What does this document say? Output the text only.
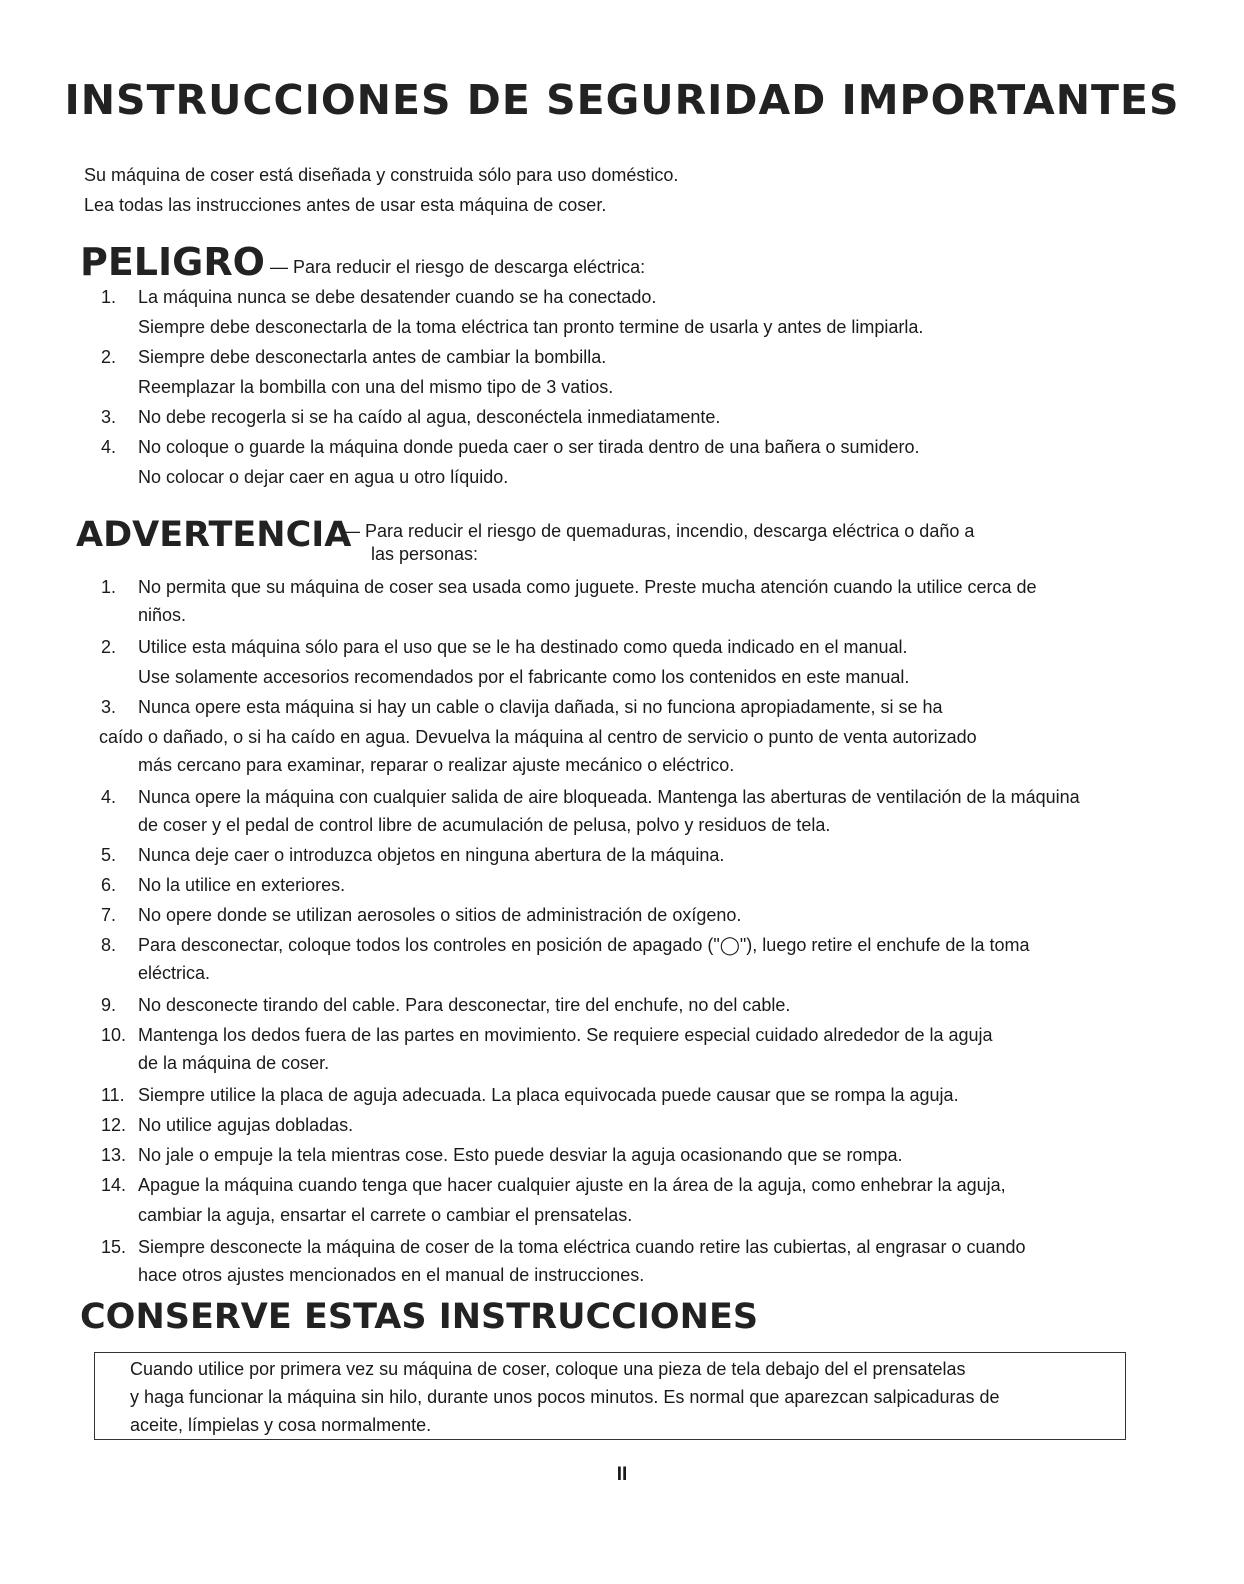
INSTRUCCIONES DE SEGURIDAD IMPORTANTES
Su máquina de coser está diseñada y construida sólo para uso doméstico.
Lea todas las instrucciones antes de usar esta máquina de coser.
PELIGRO — Para reducir el riesgo de descarga eléctrica:
1. La máquina nunca se debe desatender cuando se ha conectado.
Siempre debe desconectarla de la toma eléctrica tan pronto termine de usarla y antes de limpiarla.
2. Siempre debe desconectarla antes de cambiar la bombilla.
Reemplazar la bombilla con una del mismo tipo de 3 vatios.
3. No debe recogerla si se ha caído al agua, desconéctela inmediatamente.
4. No coloque o guarde la máquina donde pueda caer o ser tirada dentro de una bañera o sumidero.
No colocar o dejar caer en agua u otro líquido.
ADVERTENCIA
— Para reducir el riesgo de quemaduras, incendio, descarga eléctrica o daño a
las personas:
1. No permita que su máquina de coser sea usada como juguete. Preste mucha atención cuando la utilice cerca de
niños.
2. Utilice esta máquina sólo para el uso que se le ha destinado como queda indicado en el manual.
Use solamente accesorios recomendados por el fabricante como los contenidos en este manual.
3. Nunca opere esta máquina si hay un cable o clavija dañada, si no funciona apropiadamente, si se ha
caído o dañado, o si ha caído en agua. Devuelva la máquina al centro de servicio o punto de venta autorizado
más cercano para examinar, reparar o realizar ajuste mecánico o eléctrico.
4. Nunca opere la máquina con cualquier salida de aire bloqueada. Mantenga las aberturas de ventilación de la máquina
de coser y el pedal de control libre de acumulación de pelusa, polvo y residuos de tela.
5. Nunca deje caer o introduzca objetos en ninguna abertura de la máquina.
6. No la utilice en exteriores.
7. No opere donde se utilizan aerosoles o sitios de administración de oxígeno.
8. Para desconectar, coloque todos los controles en posición de apagado ("◯"), luego retire el enchufe de la toma
eléctrica.
9. No desconecte tirando del cable. Para desconectar, tire del enchufe, no del cable.
10. Mantenga los dedos fuera de las partes en movimiento. Se requiere especial cuidado alrededor de la aguja
de la máquina de coser.
11. Siempre utilice la placa de aguja adecuada. La placa equivocada puede causar que se rompa la aguja.
12. No utilice agujas dobladas.
13. No jale o empuje la tela mientras cose. Esto puede desviar la aguja ocasionando que se rompa.
14. Apague la máquina cuando tenga que hacer cualquier ajuste en la área de la aguja, como enhebrar la aguja,
cambiar la aguja, ensartar el carrete o cambiar el prensatelas.
15. Siempre desconecte la máquina de coser de la toma eléctrica cuando retire las cubiertas, al engrasar o cuando
hace otros ajustes mencionados en el manual de instrucciones.
CONSERVE ESTAS INSTRUCCIONES
Cuando utilice por primera vez su máquina de coser, coloque una pieza de tela debajo del el prensatelas
y haga funcionar la máquina sin hilo, durante unos pocos minutos. Es normal que aparezcan salpicaduras de
aceite, límpielas y cosa normalmente.
II
